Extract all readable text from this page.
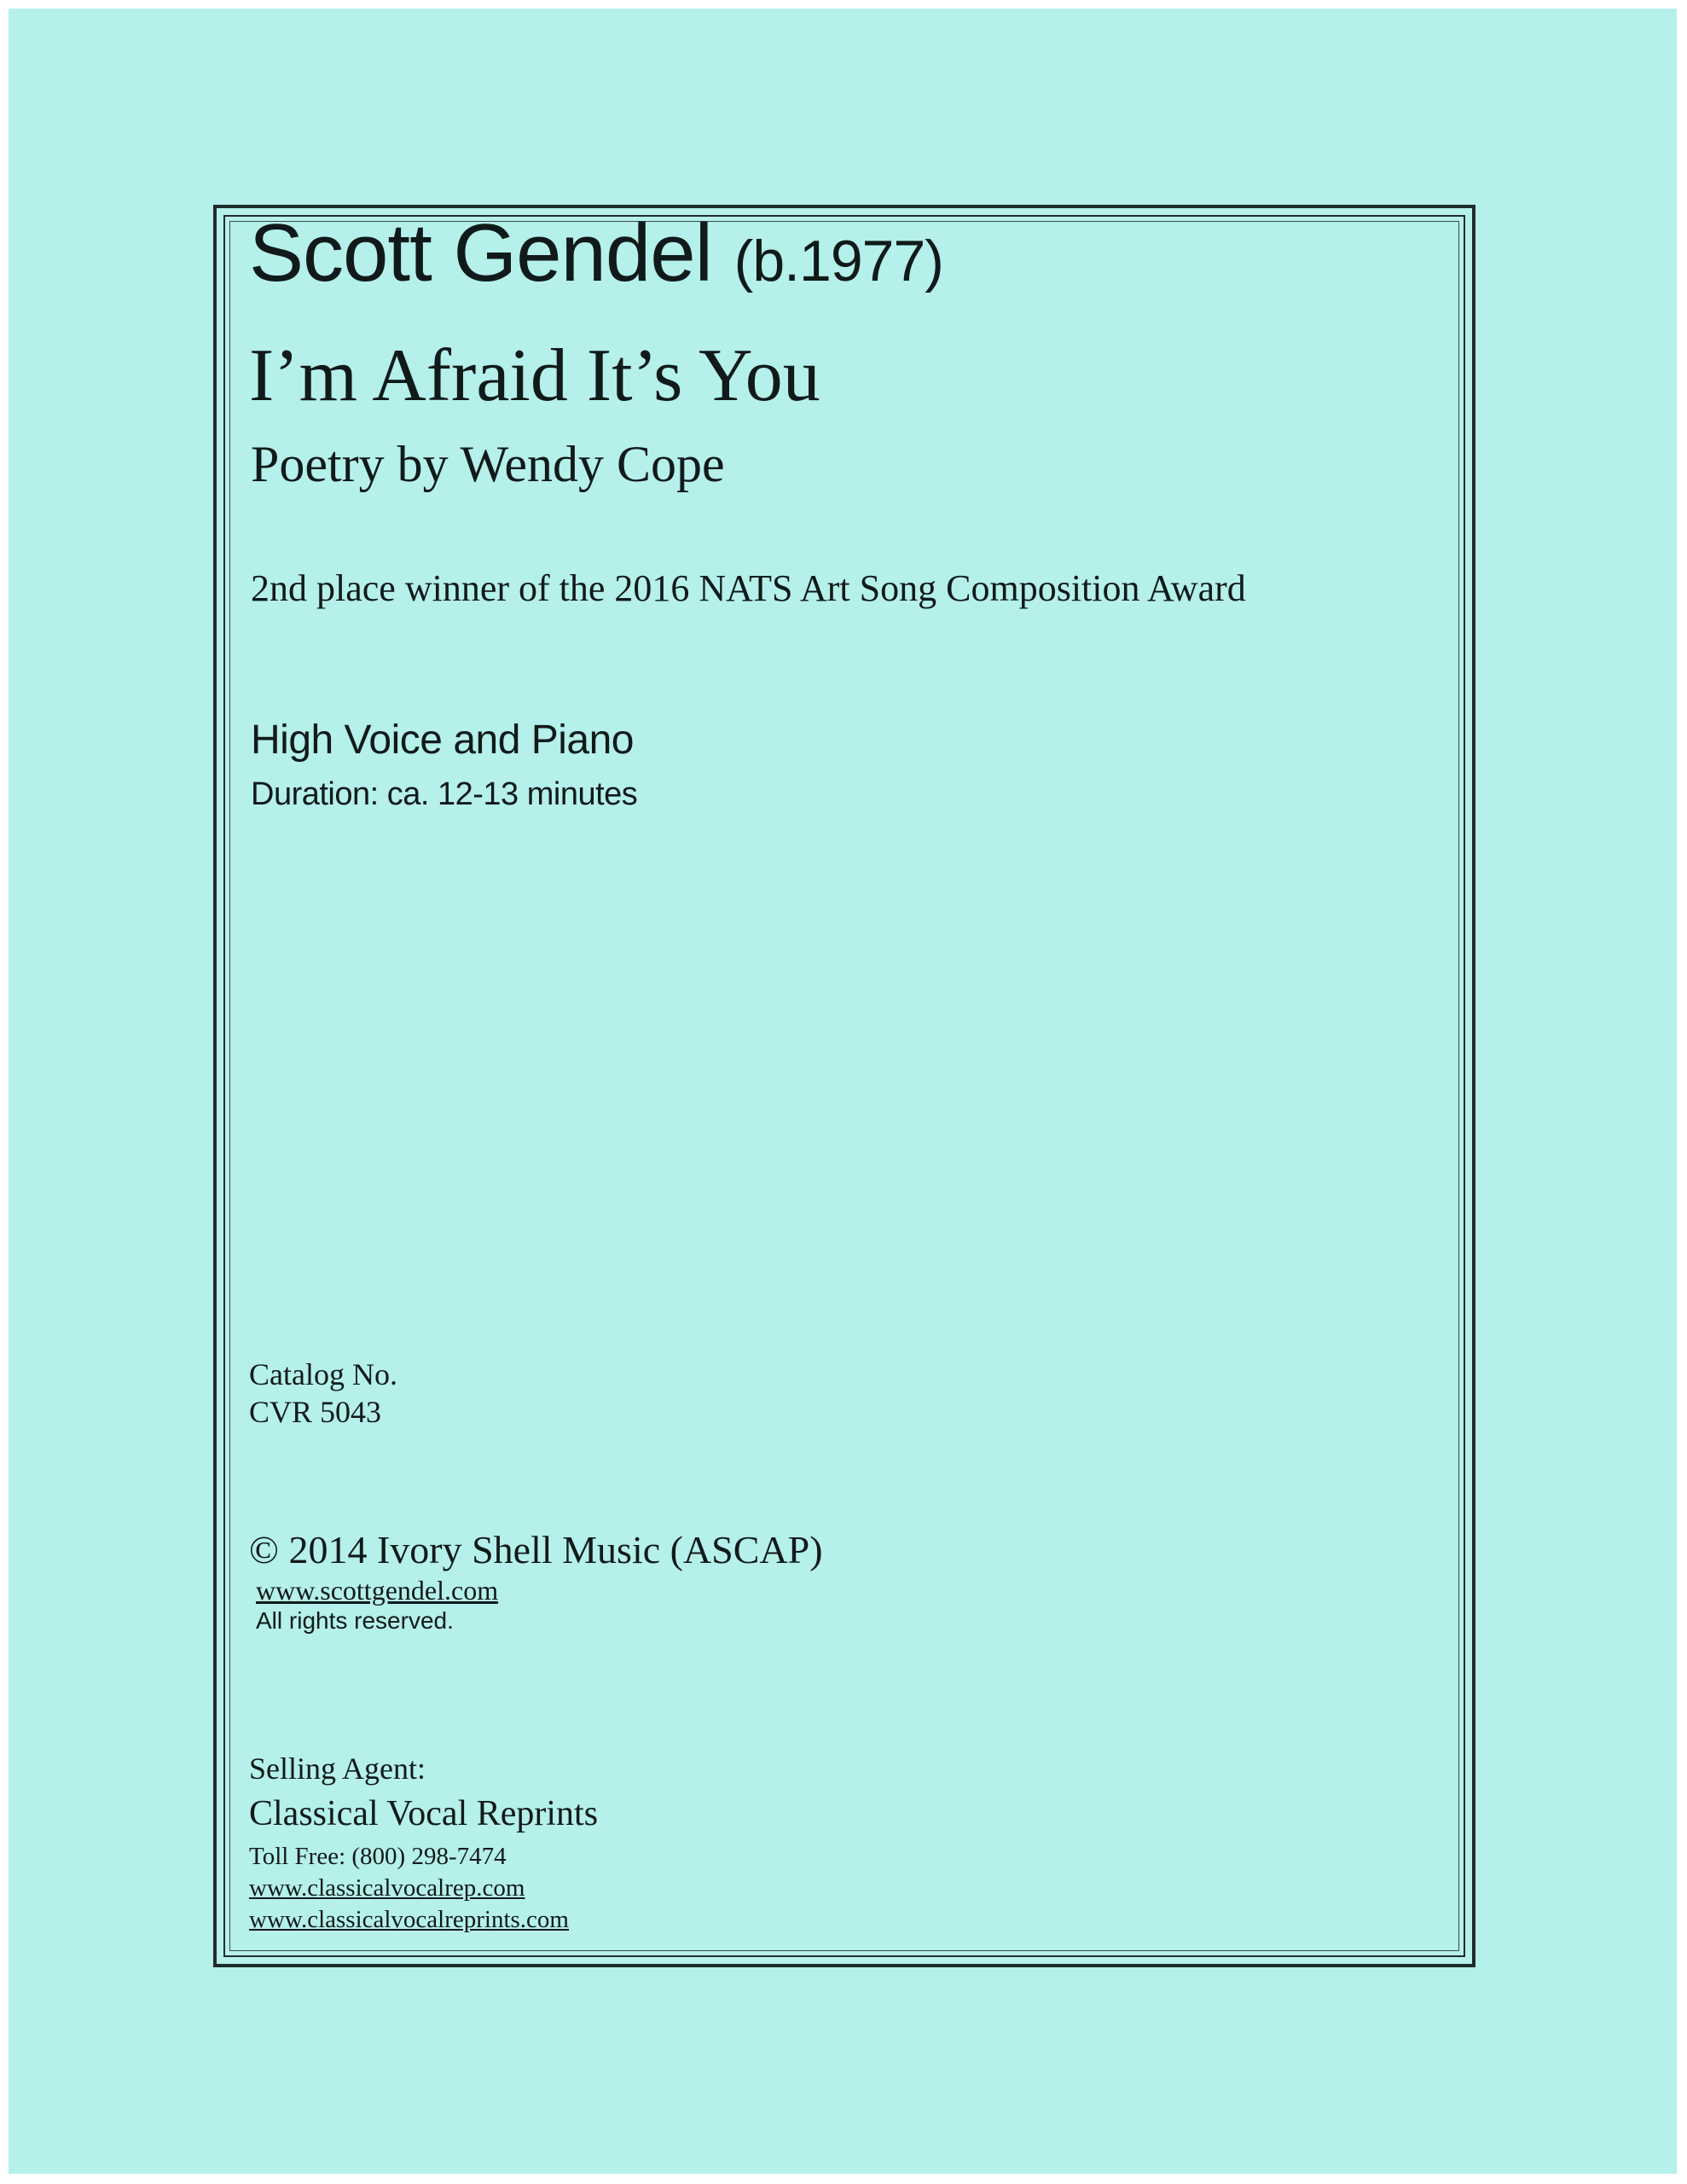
Scott Gendel (b.1977)

I’m Afraid It’s You

Poetry by Wendy Cope

2nd place winner of the 2016 NATS Art Song Composition Award

High Voice and Piano

Duration: ca. 12-13 minutes

Catalog No.

CVR 5043

© 2014 Ivory Shell Music (ASCAP)

www.scottgendel.com

All rights reserved.

Selling Agent:

Classical Vocal Reprints

Toll Free: (800) 298-7474

www.classicalvocalrep.com

www.classicalvocalreprints.com
